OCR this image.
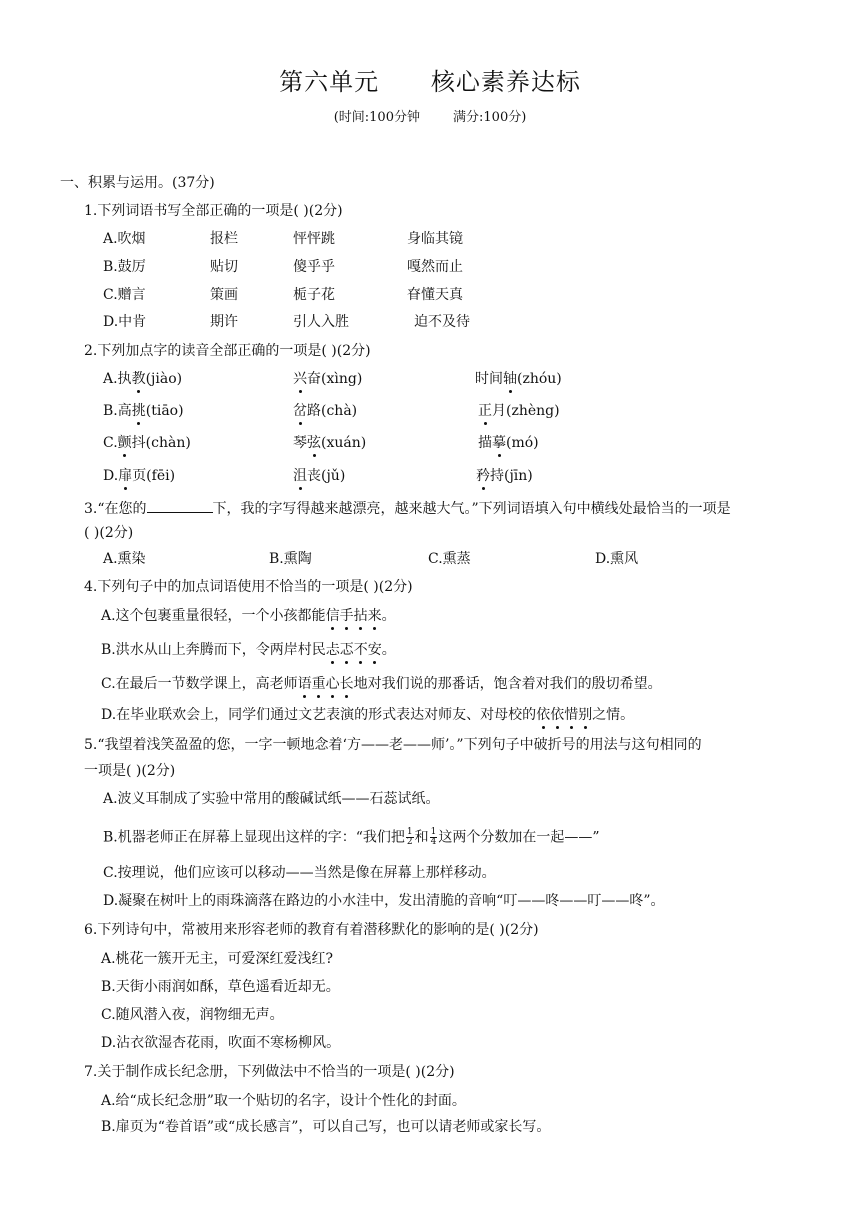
第六单元      核心素养达标
(时间:100分钟        满分:100分)
一、积累与运用。(37分)
1.下列词语书写全部正确的一项是( )(2分)
A.吹烟	报栏	怦怦跳	身临其镜
B.鼓厉	贴切	傻乎乎	嘎然而止
C.赠言	策画	栀子花	眘懂天真
D.中肯	期许	引人入胜	迫不及待
2.下列加点字的读音全部正确的一项是( )(2分)
A.执教(jiào)	兴奋(xìng)	时间轴(zhóu)
B.高挑(tiāo)	岔路(chà)	正月(zhèng)
C.颤抖(chàn)	琴弦(xuán)	描摹(mó)
D.扉页(fēi)	沮丧(jǔ)	矜持(jīn)
3.“在您的	下，我的字写得越来越漂亮，越来越大气。”下列词语填入句中横线处最恰当的一项是
( )(2分)
A.熏染	B.熏陶	C.熏蒸	D.熏风
4.下列句子中的加点词语使用不恰当的一项是( )(2分)
A.这个包裹重量很轻，一个小孩都能信手拈来。
B.洪水从山上奔腾而下，令两岸村民忐忑不安。
C.在最后一节数学课上，高老师语重心长地对我们说的那番话，饱含着对我们的殷切希望。
D.在毕业联欢会上，同学们通过文艺表演的形式表达对师友、对母校的依依惜别之情。
5.“我望着浅笑盈盈的您，一字一顿地念着‘方——老——师’。”下列句子中破折号的用法与这句相同的
一项是( )(2分)
A.波义耳制成了实验中常用的酸碱试纸——石蕊试纸。
B.机器老师正在屏幕上显现出这样的字：“我们把 $\frac{1}{2}$ 和 $\frac{1}{4}$ 这两个分数加在一起——”
C.按理说，他们应该可以移动——当然是像在屏幕上那样移动。
D.凝聚在树叶上的雨珠滴落在路边的小水洼中，发出清脆的音响“叮——咚——叮——咚”。
6.下列诗句中，常被用来形容老师的教育有着潜移默化的影响的是( )(2分)
A.桃花一簇开无主，可爱深红爱浅红?
B.天街小雨润如酥，草色遥看近却无。
C.随风潜入夜，润物细无声。
D.沾衣欲湿杏花雨，吹面不寒杨柳风。
7.关于制作成长纪念册，下列做法中不恰当的一项是( )(2分)
A.给“成长纪念册”取一个贴切的名字，设计个性化的封面。
B.扉页为“卷首语”或“成长感言”，可以自己写，也可以请老师或家长写。
